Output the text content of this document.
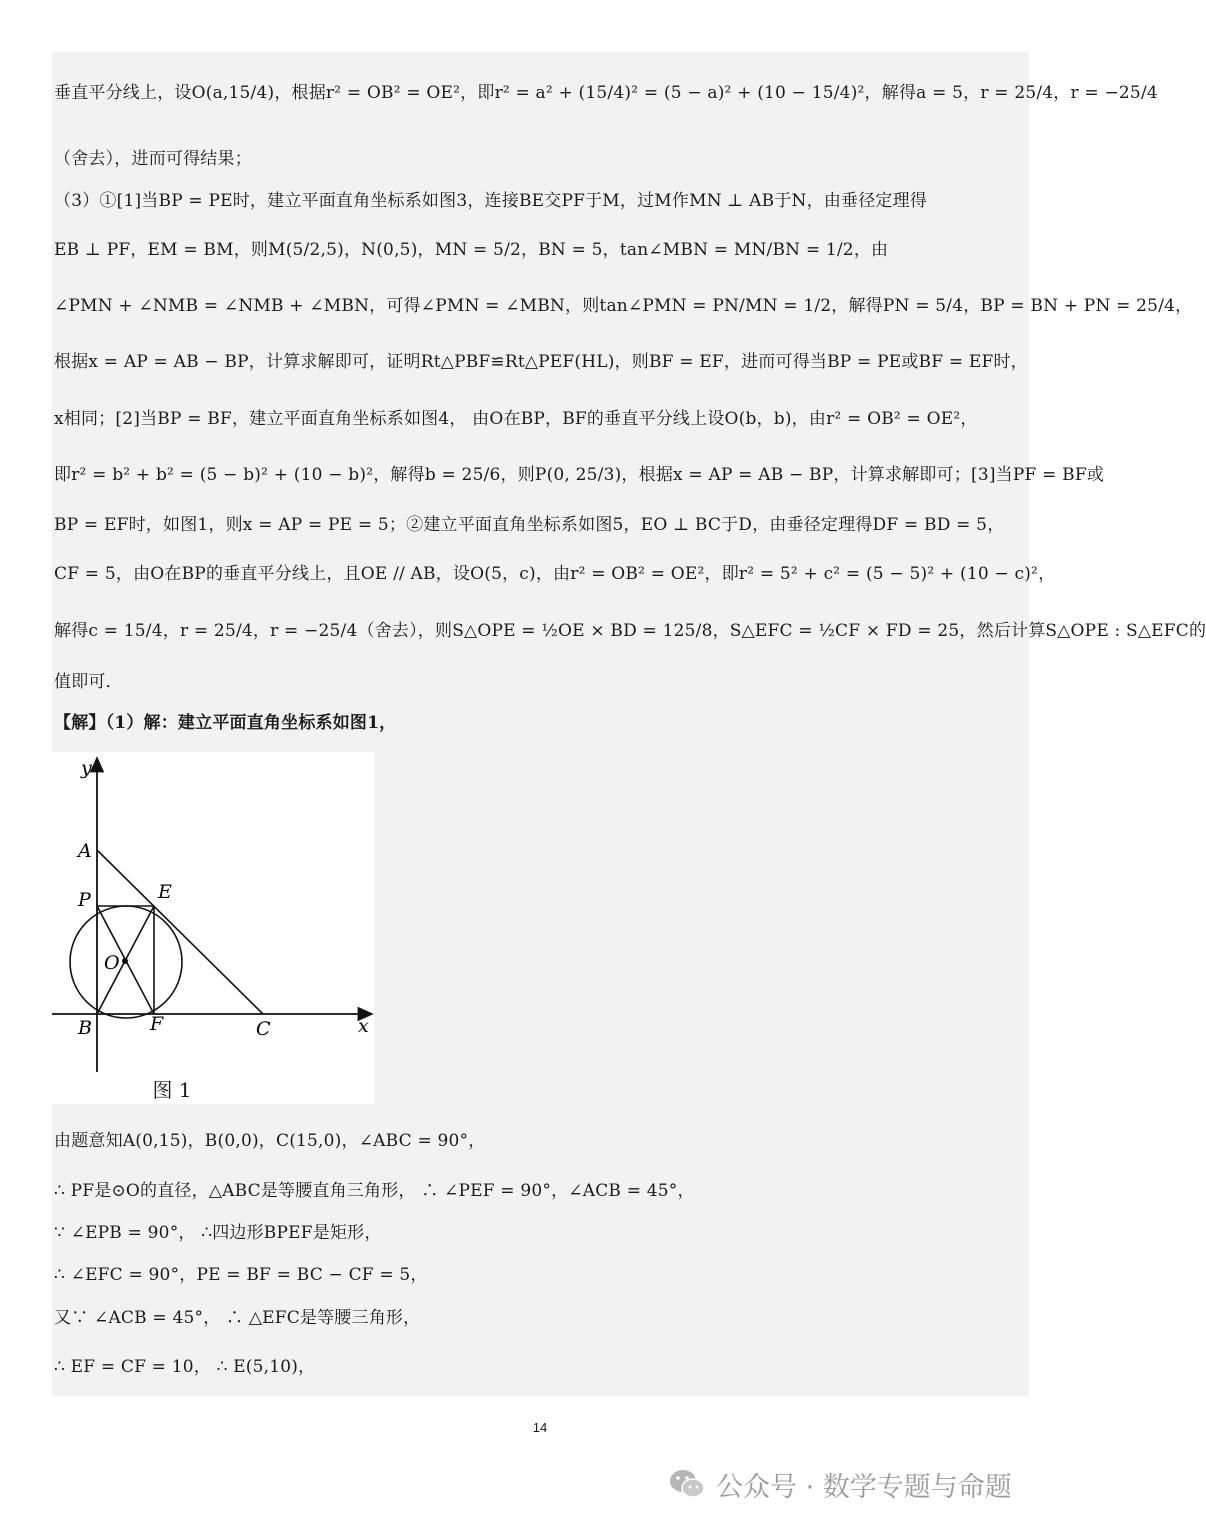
垂直平分线上，设O(a,15/4)，根据r² = OB² = OE²，即r² = a² + (15/4)² = (5 − a)² + (10 − 15/4)²，解得a = 5，r = 25/4，r = −25/4
（舍去），进而可得结果；
（3）①[1]当BP = PE时，建立平面直角坐标系如图3，连接BE交PF于M，过M作MN ⊥ AB于N，由垂径定理得
EB ⊥ PF，EM = BM，则M(5/2,5)，N(0,5)，MN = 5/2，BN = 5，tan∠MBN = MN/BN = 1/2，由
∠PMN + ∠NMB = ∠NMB + ∠MBN，可得∠PMN = ∠MBN，则tan∠PMN = PN/MN = 1/2，解得PN = 5/4，BP = BN + PN = 25/4，
根据x = AP = AB − BP，计算求解即可，证明Rt△PBF≌Rt△PEF(HL)，则BF = EF，进而可得当BP = PE或BF = EF时，
x相同；[2]当BP = BF，建立平面直角坐标系如图4， 由O在BP，BF的垂直平分线上设O(b，b)，由r² = OB² = OE²，
即r² = b² + b² = (5 − b)² + (10 − b)²，解得b = 25/6，则P(0, 25/3)，根据x = AP = AB − BP，计算求解即可；[3]当PF = BF或
BP = EF时，如图1，则x = AP = PE = 5；②建立平面直角坐标系如图5，EO ⊥ BC于D，由垂径定理得DF = BD = 5，
CF = 5，由O在BP的垂直平分线上，且OE // AB，设O(5，c)，由r² = OB² = OE²，即r² = 5² + c² = (5 − 5)² + (10 − c)²，
解得c = 15/4，r = 25/4，r = −25/4（舍去），则S△OPE = ½OE × BD = 125/8，S△EFC = ½CF × FD = 25，然后计算S△OPE : S△EFC的
值即可．
【解】（1）解：建立平面直角坐标系如图1，
y
A
P	E
O
B	F	C	x
图 1
由题意知A(0,15)，B(0,0)，C(15,0)，∠ABC = 90°，
∴ PF是⊙O的直径，△ABC是等腰直角三角形， ∴ ∠PEF = 90°，∠ACB = 45°，
∵ ∠EPB = 90°， ∴四边形BPEF是矩形，
∴ ∠EFC = 90°，PE = BF = BC − CF = 5，
又∵ ∠ACB = 45°， ∴ △EFC是等腰三角形，
∴ EF = CF = 10， ∴ E(5,10)，
14
公众号 · 数学专题与命题
